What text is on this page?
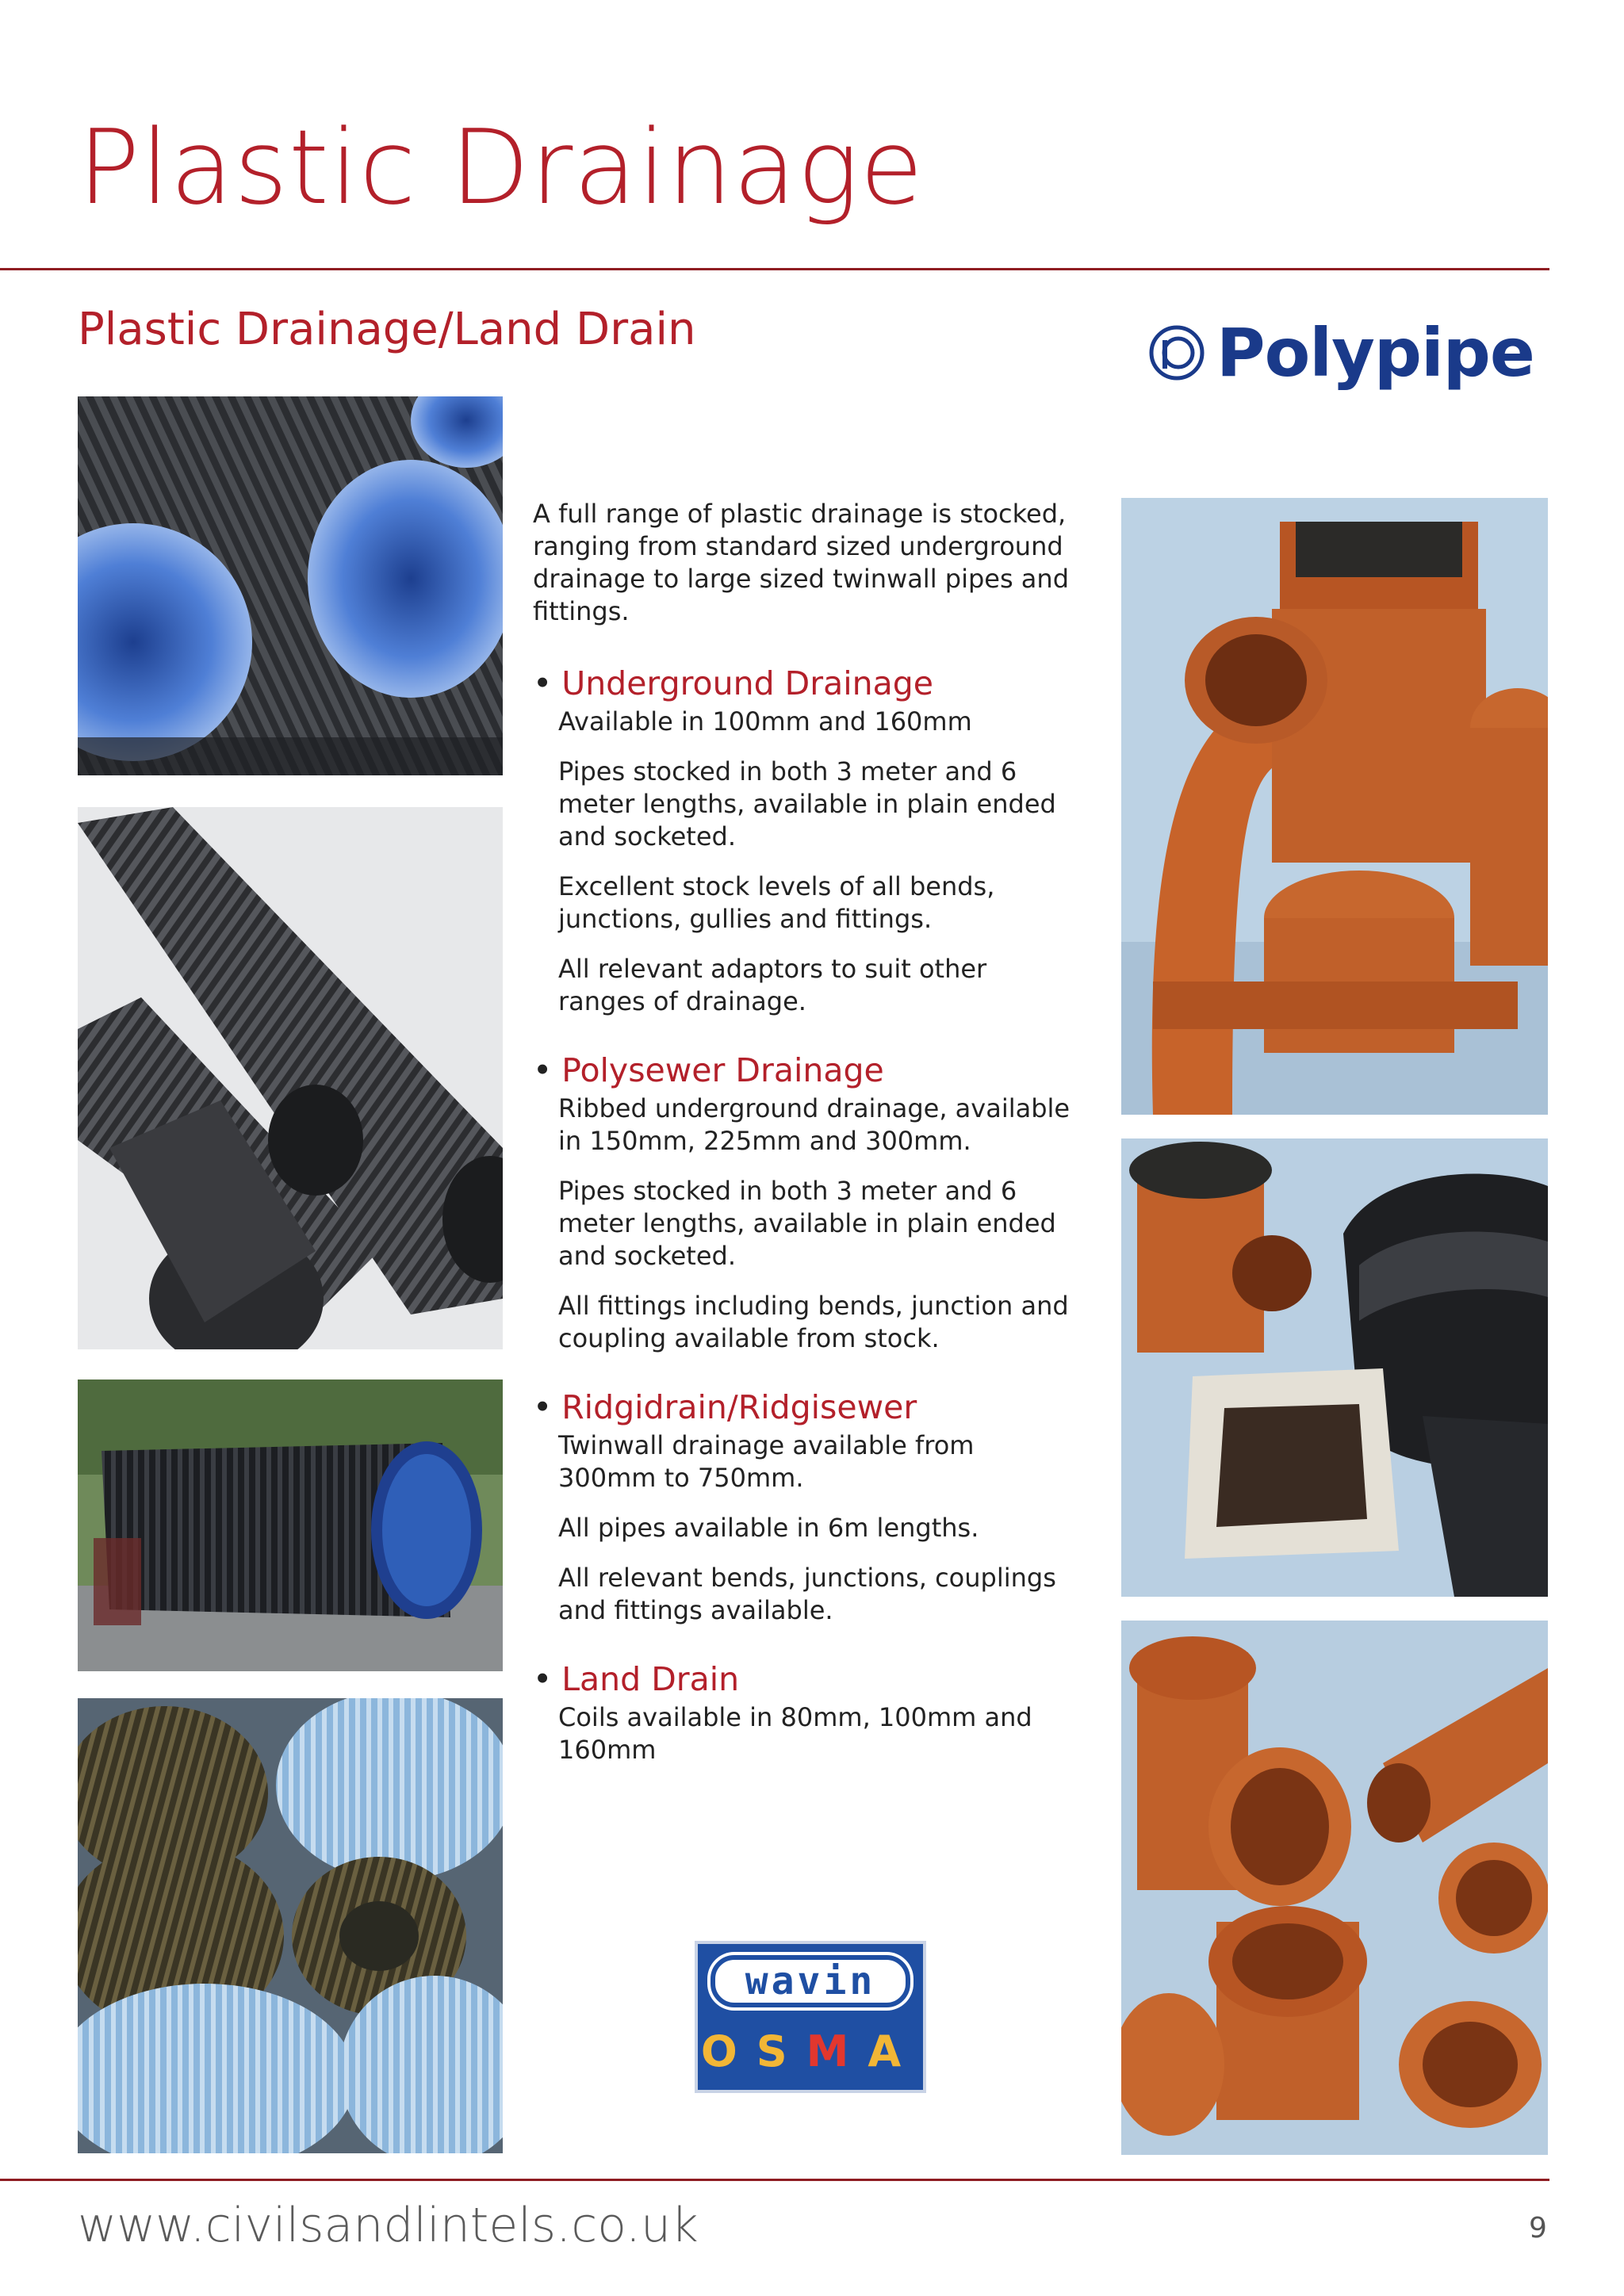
Plastic Drainage
Plastic Drainage/Land Drain	Polypipe

A full range of plastic drainage is stocked, ranging from standard sized underground drainage to large sized twinwall pipes and fittings.

• Underground Drainage

Available in 100mm and 160mm

Pipes stocked in both 3 meter and 6 meter lengths, available in plain ended and socketed.

Excellent stock levels of all bends, junctions, gullies and fittings.

All relevant adaptors to suit other ranges of drainage.

• Polysewer Drainage

Ribbed underground drainage, available in 150mm, 225mm and 300mm.

Pipes stocked in both 3 meter and 6 meter lengths, available in plain ended and socketed.

All fittings including bends, junction and coupling available from stock.

• Ridgidrain/Ridgisewer

Twinwall drainage available from 300mm to 750mm.

All pipes available in 6m lengths.

All relevant bends, junctions, couplings and fittings available.

• Land Drain

Coils available in 80mm, 100mm and 160mm

wavin
OSMA
www.civilsandlintels.co.uk	9
